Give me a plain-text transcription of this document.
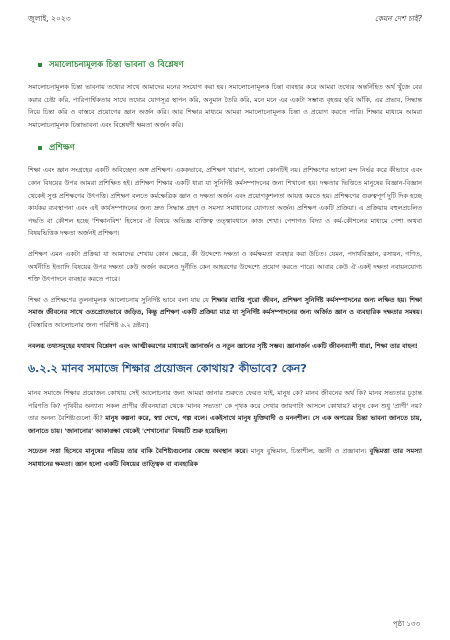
জুলাই, ২০২৩	কেমন দেশ চাই?
সমালোচনামূলক চিন্তা ভাবনা ও বিশ্লেষণ

সমালোচনামূলক চিন্তা ভাবনায় তথ্যের সাথে আমাদের মনের সংযোগ করা হয়। সমালোচনামূলক চিন্তা ব্যবহার করে আমরা তথ্যের অন্তর্নিহিত অর্থ খুঁজে বের করার চেষ্টা করি, পারিপার্শ্বিকতার সাথে তথ্যের যোগসূত্র স্থাপন করি, অনুমান তৈরি করি, মনে মনে এর একটা সম্ভাব্য বৃহত্তর ছবি আঁকি, এর প্রভাব, সিদ্ধান্ত নিয়ে চিন্তা করি ও বাস্তবে প্রয়োগের জ্ঞান অর্জন করি। আর শিক্ষার মাধ্যমে আমরা সমালোচনামূলক চিন্তা ও প্রয়োগ করতে পারি। শিক্ষার মাধ্যমে আমরা সমালোচনামূলক চিন্তাভাবনা এবং বিশ্লেষণী ক্ষমতা অর্জন করি।

প্রশিক্ষণ

শিক্ষা এবং জ্ঞান সংগ্রহের একটি অবিচ্ছেদ্য অঙ্গ প্রশিক্ষণ। এককভাবে, প্রশিক্ষণ খারাপ, ভালো কোনটিই নয়। প্রশিক্ষণের ভালো মন্দ নির্ভর করে কীভাবে এবং কোন বিষয়ের উপর আমরা প্রশিক্ষিত হই। প্রশিক্ষণ শিক্ষার একটি ধারা যা সুনির্দিষ্ট কর্মসম্পাদনের জন্য শিখানো হয়। দক্ষতার ভিত্তিতে মানুষের বিজ্ঞান-বিজ্ঞান থেকেই সুপ্ত প্রশিক্ষণের উৎপত্তি। প্রশিক্ষণ বলতে কর্মক্ষেত্রিক জ্ঞান ও দক্ষতা অর্জন এবং প্রয়োগকুশলতা আয়ত্ত করতে হয়। প্রশিক্ষণের গুরুত্বপূর্ণ দুটি দিক হচ্ছে কার্যকর ব্যবস্থাপনা এবং এই কার্যসম্পাদনের জন্য দ্রুত সিদ্ধান্ত গ্রহণ ও সমস্যা সমাধানের যোগ্যতা অর্জন। প্রশিক্ষণ একটি প্রক্রিয়া। এ প্রক্রিয়ায় বহুলপ্রচলিত পদ্ধতি বা কৌশল হচ্ছে 'শিক্ষানবিশ' হিসেবে ঐ বিষয়ে অভিজ্ঞ ব্যক্তিত্ব তত্ত্বাবধানে কাজ শেখা। পেশাগত বিদ্যা ও কর্ম-কৌশলের মাধ্যমে পেশা অথবা বিষয়ভিত্তিক দক্ষতা অর্জনই প্রশিক্ষণ।

প্রশিক্ষণ এমন একটা প্রক্রিয়া যা আমাদের শেখায় কোন ক্ষেত্রে, কী উদ্দেশ্যে দক্ষতা ও কর্মক্ষমতা ব্যবহার করা উচিত। যেমন, পদার্থবিজ্ঞান, রসায়ন, গণিত, অর্থনীতি ইত্যাদি বিষয়ের উপর দক্ষতা কেউ অর্জন করলেও দুর্নীতি কেন আহরণের উদ্দেশ্যে প্রয়োগ করতে পারে। আবার কেউ ঐ একই দক্ষতা নবায়নযোগ্য শক্তি উৎপাদনে ব্যবহার করতে পারে।

শিক্ষা ও প্রশিক্ষণের তুলনামূলক আলোচনায় সুনির্দিষ্ট ভাবে বলা যায় যে শিক্ষার ব্যাপ্তি পুরো জীবন, প্রশিক্ষণ সুনির্দিষ্ট কর্মসম্পাদনের জন্য লক্ষিত হয়। শিক্ষা সমাজ জীবনের সাথে ওতপ্রোতভাবে জড়িত, কিন্তু প্রশিক্ষণ একটি প্রক্রিয়া মাত্র যা সুনির্দিষ্ট কর্মসম্পাদনের জন্য অর্জিত জ্ঞান ও ব্যবহারিক দক্ষতার সমন্বয়। (বিস্তারিত আলোচনার জন্য পরিশিষ্ট ৬.২ দ্রষ্টব্য)

নবলব্ধ তথ্যসমূহের যথাযথ বিশ্লেষণ এবং আত্মীকরণের মাধ্যমেই জ্ঞানার্জন ও নতুন জ্ঞানের সৃষ্টি সম্ভব। জ্ঞানার্জন একটি জীবনব্যাপী ধারা, শিক্ষা তার বাহন!

৬.২.২ মানব সমাজে শিক্ষার প্রয়োজন কোথায়? কীভাবে? কেন?

মানব সমাজে শিক্ষার প্রয়োজন কোথায় সেই আলোচনার জন্য আমরা জানার শুরুতে ফেরত যাই, মানুষ কে? মানব জীবনের অর্থ কি? মানব সভ্যতার চূড়ান্ত পরিণতি কি? পৃথিবীর অন্যান্য সকল প্রাণীর জীবনযাত্রা থেকে 'মানব সভ্যতা' কে পৃথক করে দেখার জায়গাটা আসলে কোথায়? মানুষ কেন শুধু 'প্রাণী' নয়? তার অনন্য বৈশিষ্ট্যগুলো কী? মানুষ কল্পনা করে, স্বপ্ন দেখে, গল্প বলে। একইসাথে মানুষ যুক্তিবাদী ও মননশীল। সে এক অপরের চিন্তা ভাবনা জানতে চায়, জানাতে চায়। 'জানানোর' আকাঙ্ক্ষা থেকেই 'শেখানোর' বিষয়টি শুরু হয়েছিল।

সচেতন সত্তা হিসেবে মানুষের পরিচয় তার বাকি বৈশিষ্ট্যগুলোর কেন্দ্রে অবস্থান করে। মানুষ বুদ্ধিমান, চিন্তাশীল, জ্ঞানী ও প্রজ্ঞাবান। বুদ্ধিমত্তা তার সমস্যা সমাধানের ক্ষমতা। জ্ঞান হলো একটি বিষয়ের তাত্ত্বিক বা ব্যবহারিক

পৃষ্ঠা ১৩৩
